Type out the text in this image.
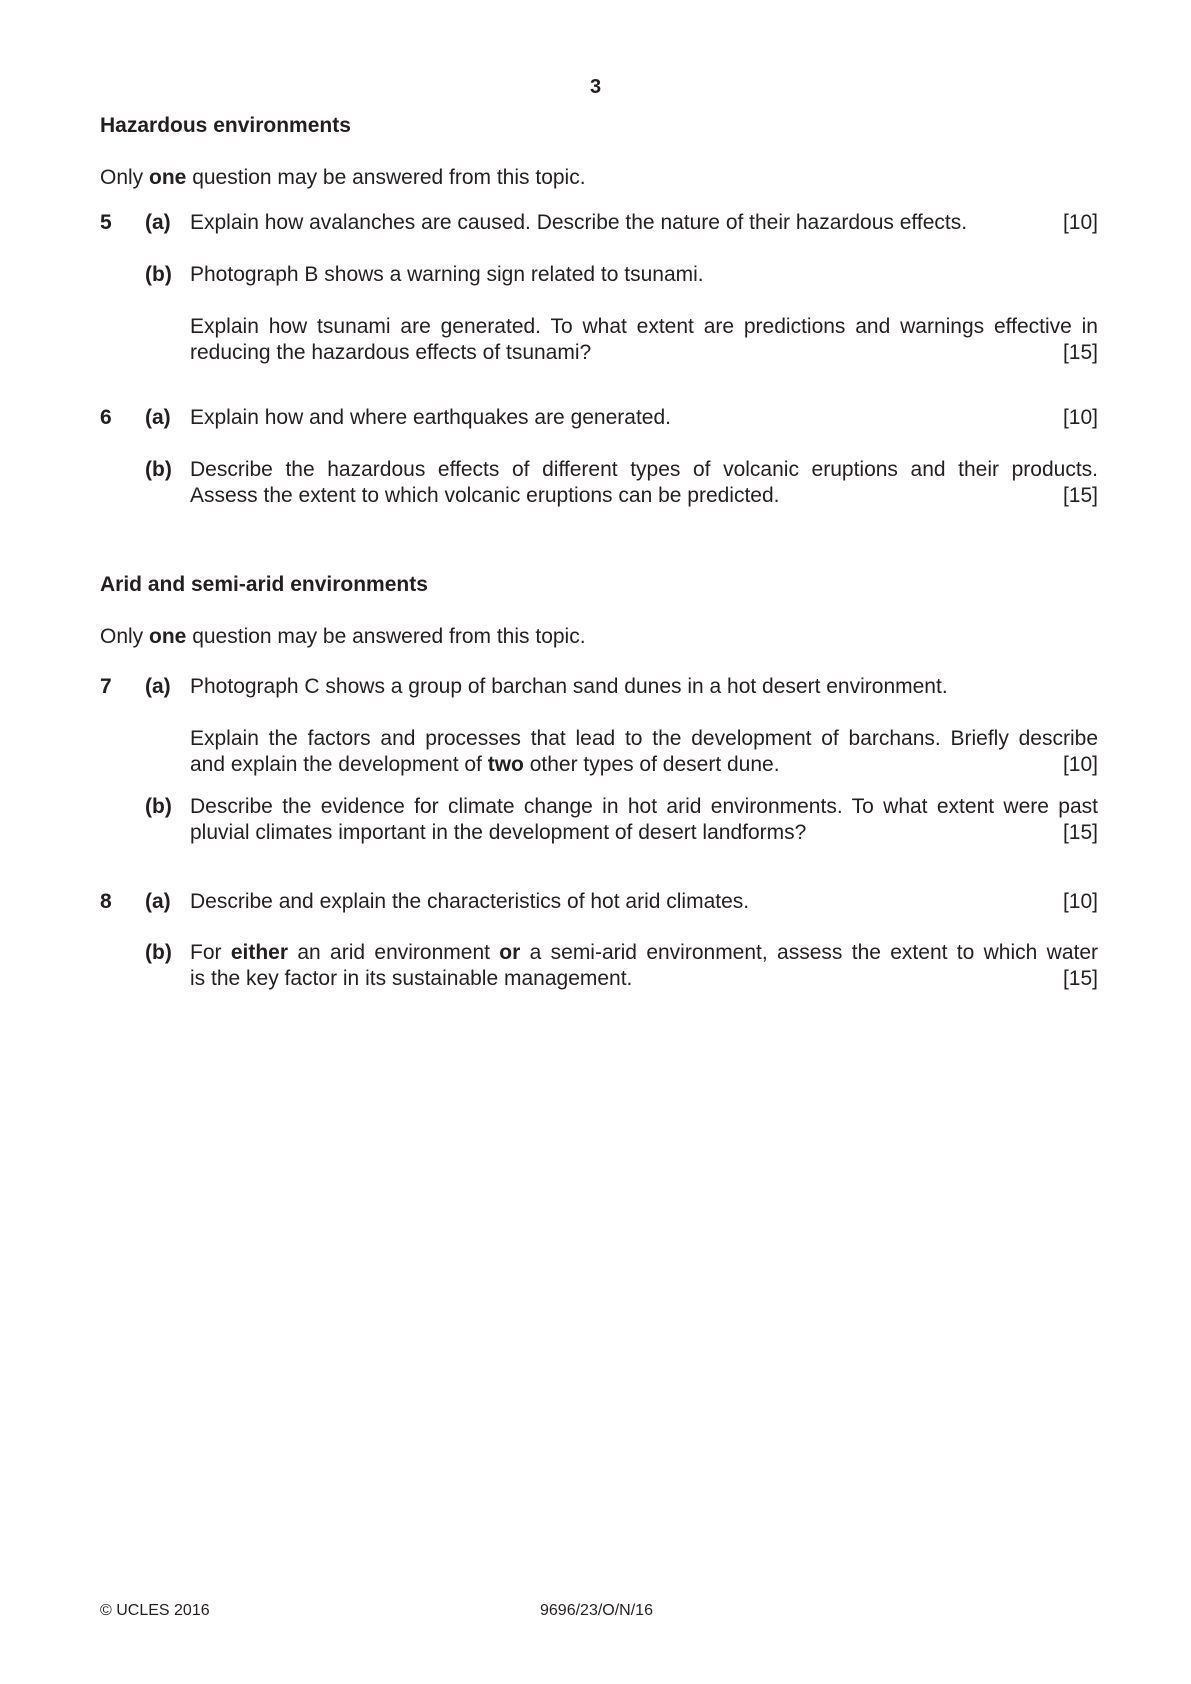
3

Hazardous environments

Only one question may be answered from this topic.

5	(a) Explain how avalanches are caused. Describe the nature of their hazardous effects.	[10]
(b) Photograph B shows a warning sign related to tsunami.
Explain how tsunami are generated. To what extent are predictions and warnings effective in
reducing the hazardous effects of tsunami?	[15]
6	(a) Explain how and where earthquakes are generated.	[10]
(b) Describe the hazardous effects of different types of volcanic eruptions and their products.
Assess the extent to which volcanic eruptions can be predicted.	[15]

Arid and semi-arid environments

Only one question may be answered from this topic.

7	(a) Photograph C shows a group of barchan sand dunes in a hot desert environment.
Explain the factors and processes that lead to the development of barchans. Briefly describe
and explain the development of two other types of desert dune.	[10]
(b) Describe the evidence for climate change in hot arid environments. To what extent were past
pluvial climates important in the development of desert landforms?	[15]
8	(a) Describe and explain the characteristics of hot arid climates.	[10]
(b) For either an arid environment or a semi-arid environment, assess the extent to which water
is the key factor in its sustainable management.	[15]
© UCLES 2016	9696/23/O/N/16
